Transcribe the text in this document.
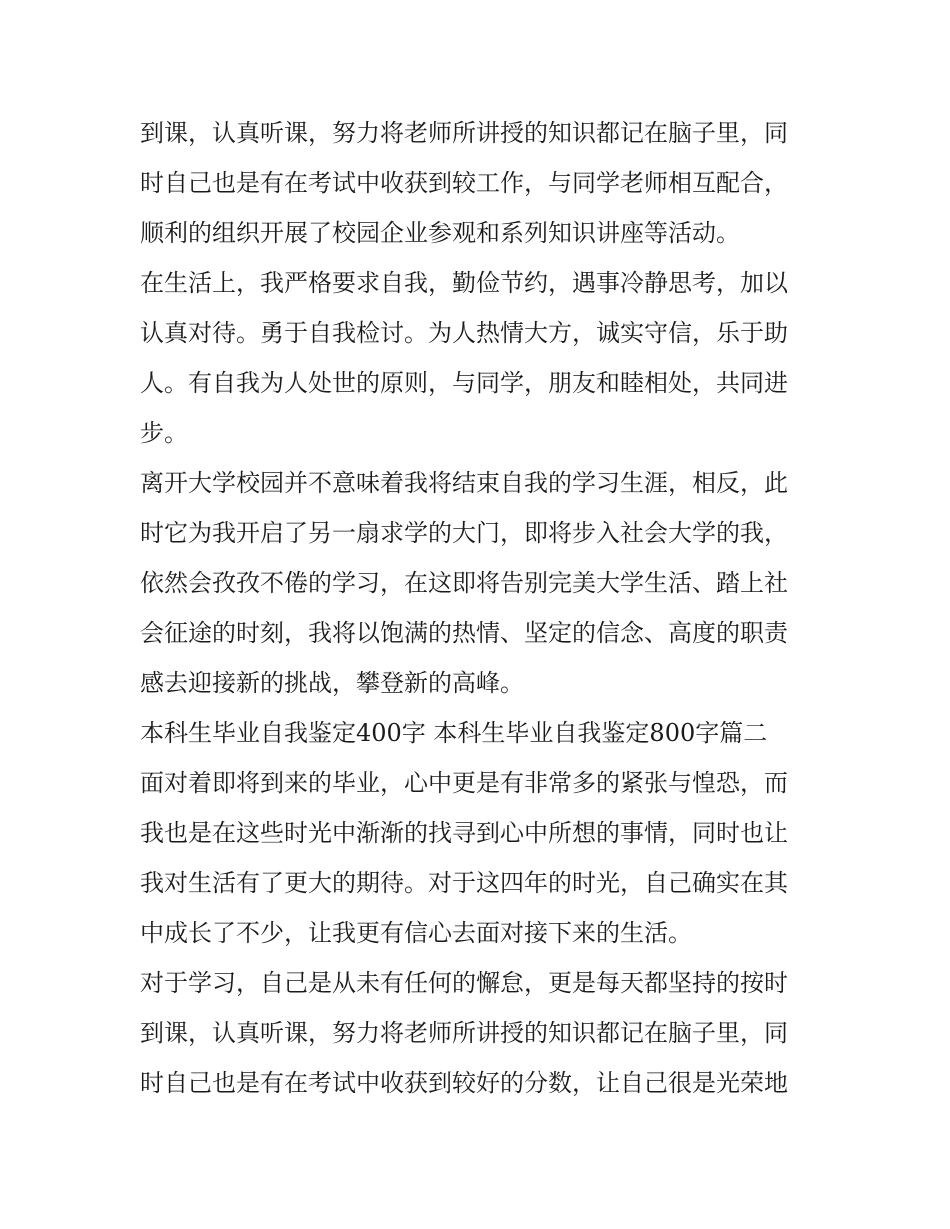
到课，认真听课，努力将老师所讲授的知识都记在脑子里，同
时自己也是有在考试中收获到较工作，与同学老师相互配合，
顺利的组织开展了校园企业参观和系列知识讲座等活动。
在生活上，我严格要求自我，勤俭节约，遇事冷静思考，加以
认真对待。勇于自我检讨。为人热情大方，诚实守信，乐于助
人。有自我为人处世的原则，与同学，朋友和睦相处，共同进
步。
离开大学校园并不意味着我将结束自我的学习生涯，相反，此
时它为我开启了另一扇求学的大门，即将步入社会大学的我，
依然会孜孜不倦的学习，在这即将告别完美大学生活、踏上社
会征途的时刻，我将以饱满的热情、坚定的信念、高度的职责
感去迎接新的挑战，攀登新的高峰。
本科生毕业自我鉴定400字 本科生毕业自我鉴定800字篇二
面对着即将到来的毕业，心中更是有非常多的紧张与惶恐，而
我也是在这些时光中渐渐的找寻到心中所想的事情，同时也让
我对生活有了更大的期待。对于这四年的时光，自己确实在其
中成长了不少，让我更有信心去面对接下来的生活。
对于学习，自己是从未有任何的懈怠，更是每天都坚持的按时
到课，认真听课，努力将老师所讲授的知识都记在脑子里，同
时自己也是有在考试中收获到较好的分数，让自己很是光荣地
